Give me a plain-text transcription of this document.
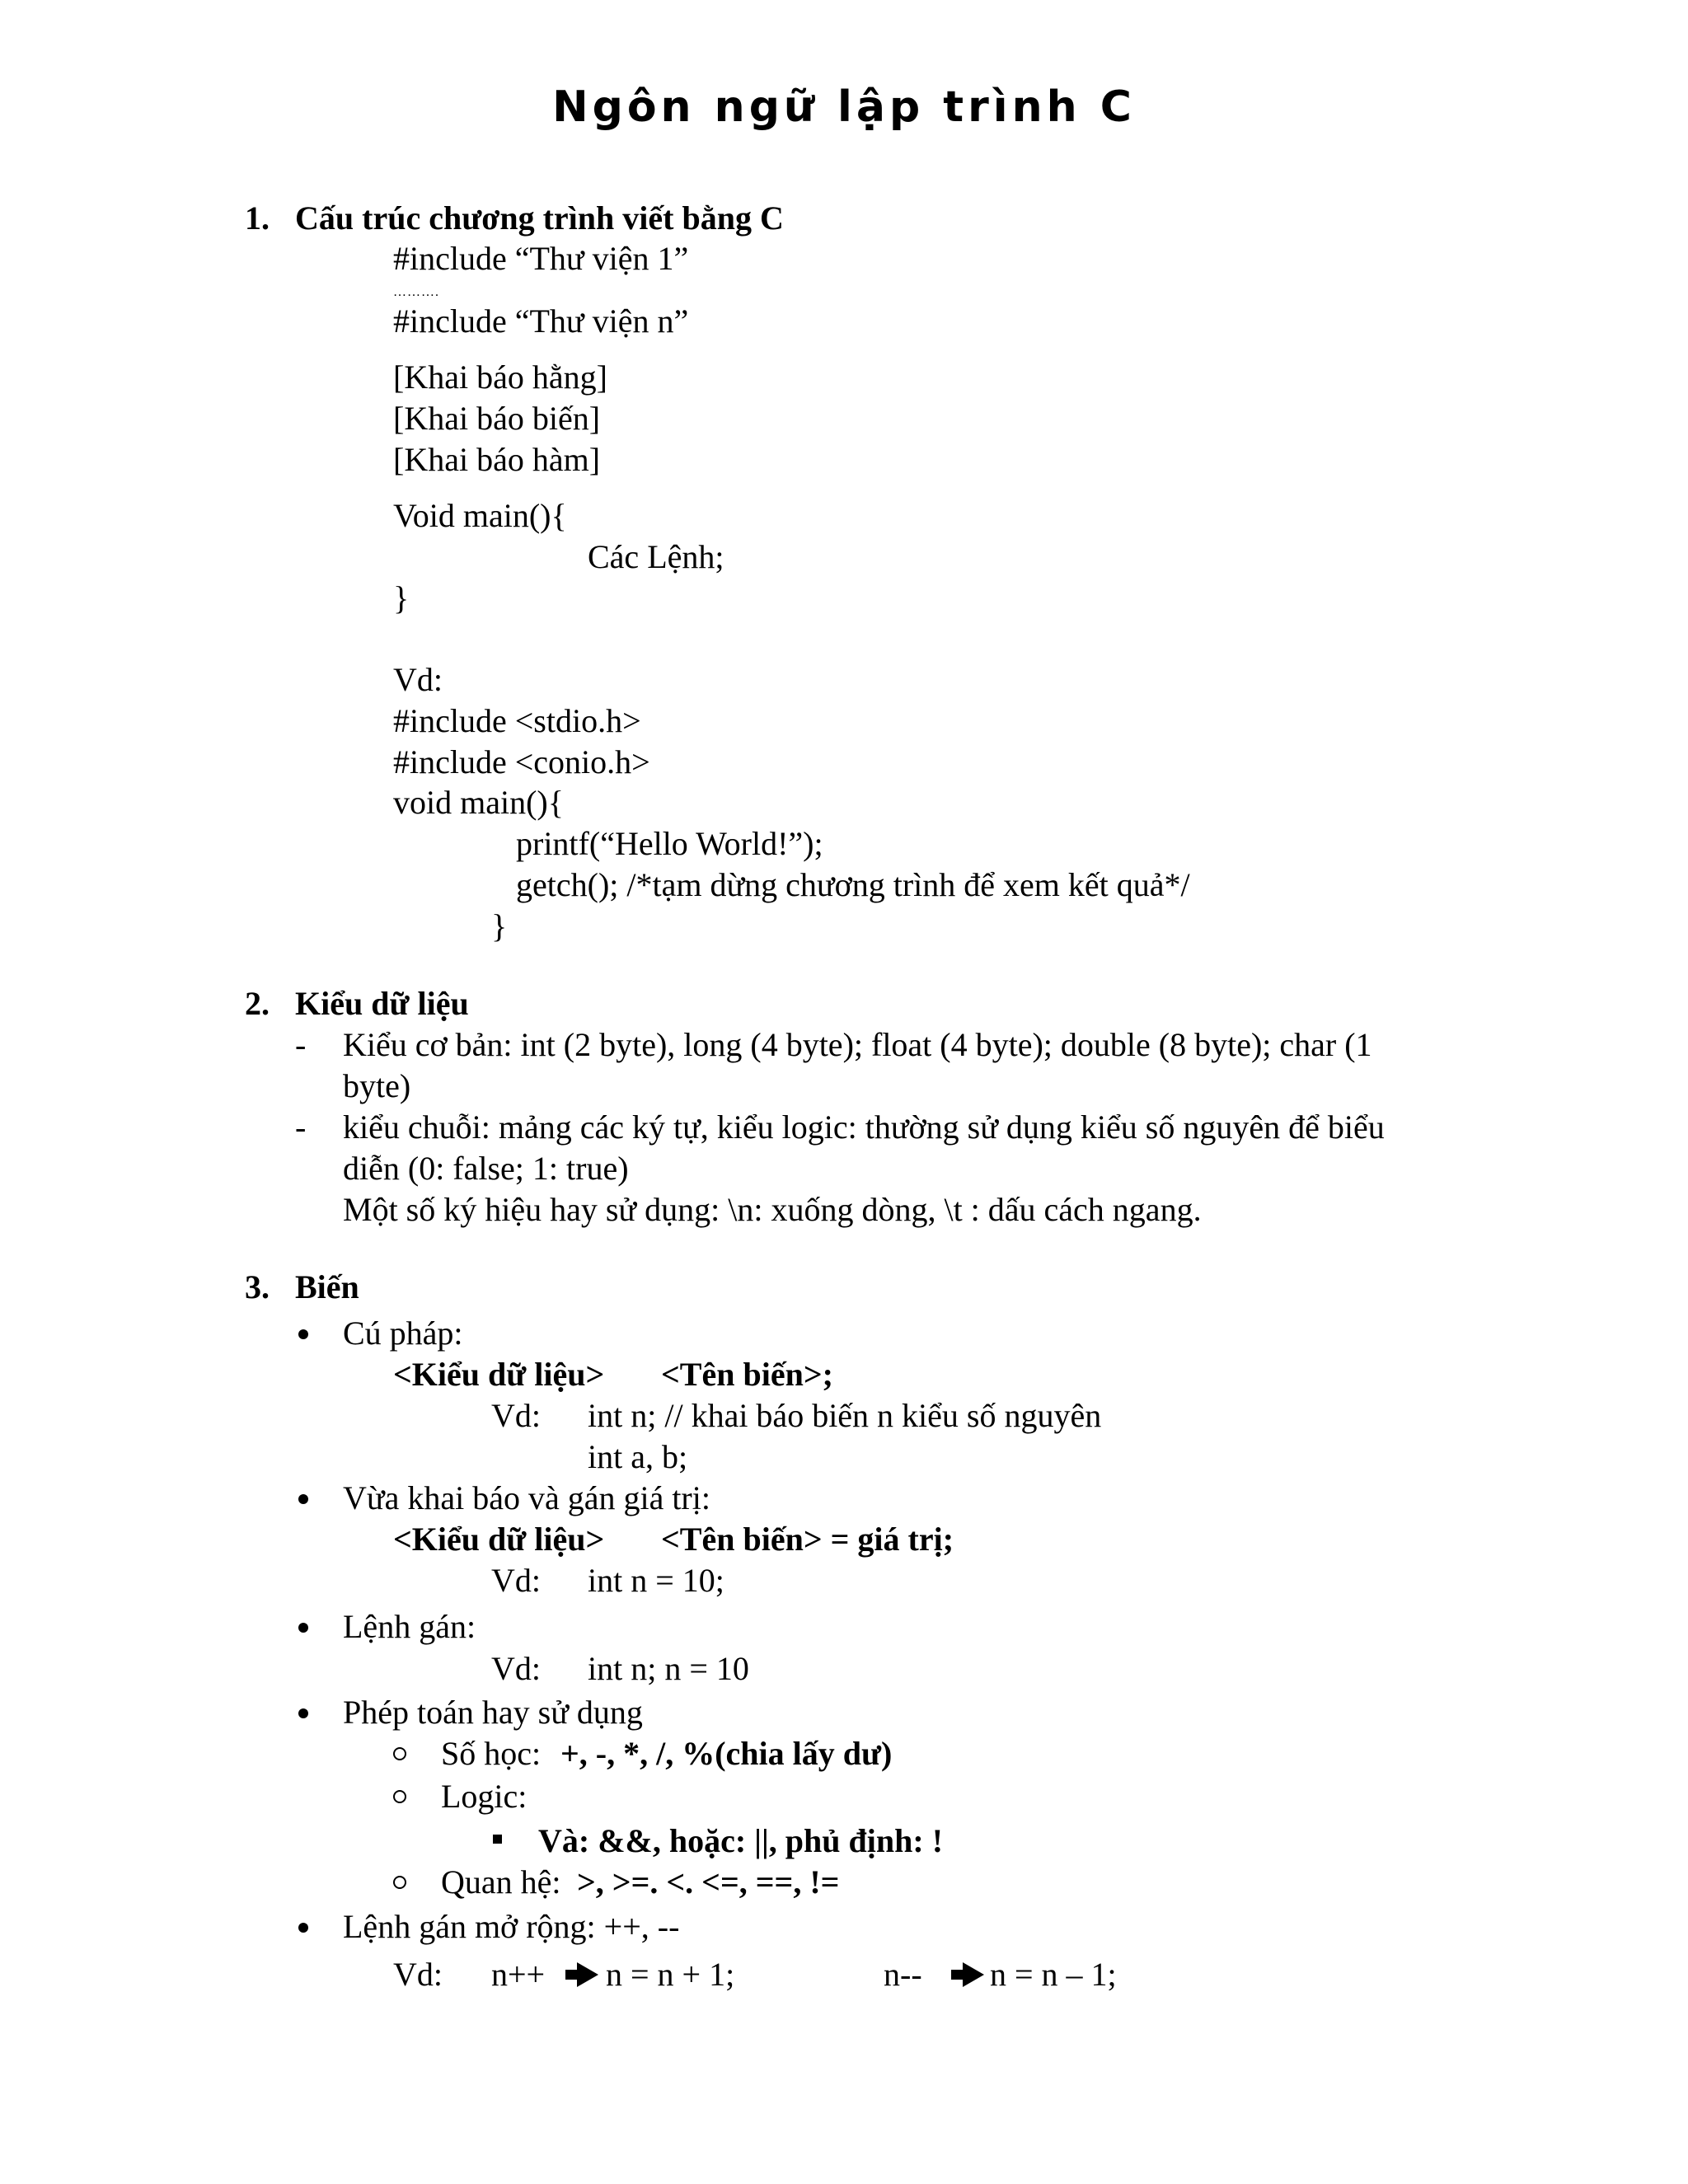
Ngôn ngữ lập trình C
1. Cấu trúc chương trình viết bằng C
#include “Thư viện 1”
……….
#include “Thư viện n”
[Khai báo hằng]
[Khai báo biến]
[Khai báo hàm]
Void main(){
Các Lệnh;
}
Vd:
#include <stdio.h>
#include <conio.h>
void main(){
printf(“Hello World!”);
getch(); /*tạm dừng chương trình để xem kết quả*/
}
2. Kiểu dữ liệu
- Kiểu cơ bản: int (2 byte), long (4 byte); float (4 byte); double (8 byte); char (1
byte)
- kiểu chuỗi: mảng các ký tự, kiểu logic: thường sử dụng kiểu số nguyên để biểu
diễn (0: false; 1: true)
Một số ký hiệu hay sử dụng: \n: xuống dòng, \t : dấu cách ngang.
3. Biến
Cú pháp:
<Kiểu dữ liệu> <Tên biến>;
Vd: int n; // khai báo biến n kiểu số nguyên
int a, b;
Vừa khai báo và gán giá trị:
<Kiểu dữ liệu> <Tên biến> = giá trị;
Vd: int n = 10;
Lệnh gán:
Vd: int n; n = 10
Phép toán hay sử dụng
Số học: +, -, *, /, %(chia lấy dư)
Logic:
Và: &&, hoặc: ||, phủ định: !
Quan hệ: >, >=. <. <=, ==, !=
Lệnh gán mở rộng: ++, --
Vd: n++ n = n + 1;	n-- n = n – 1;
